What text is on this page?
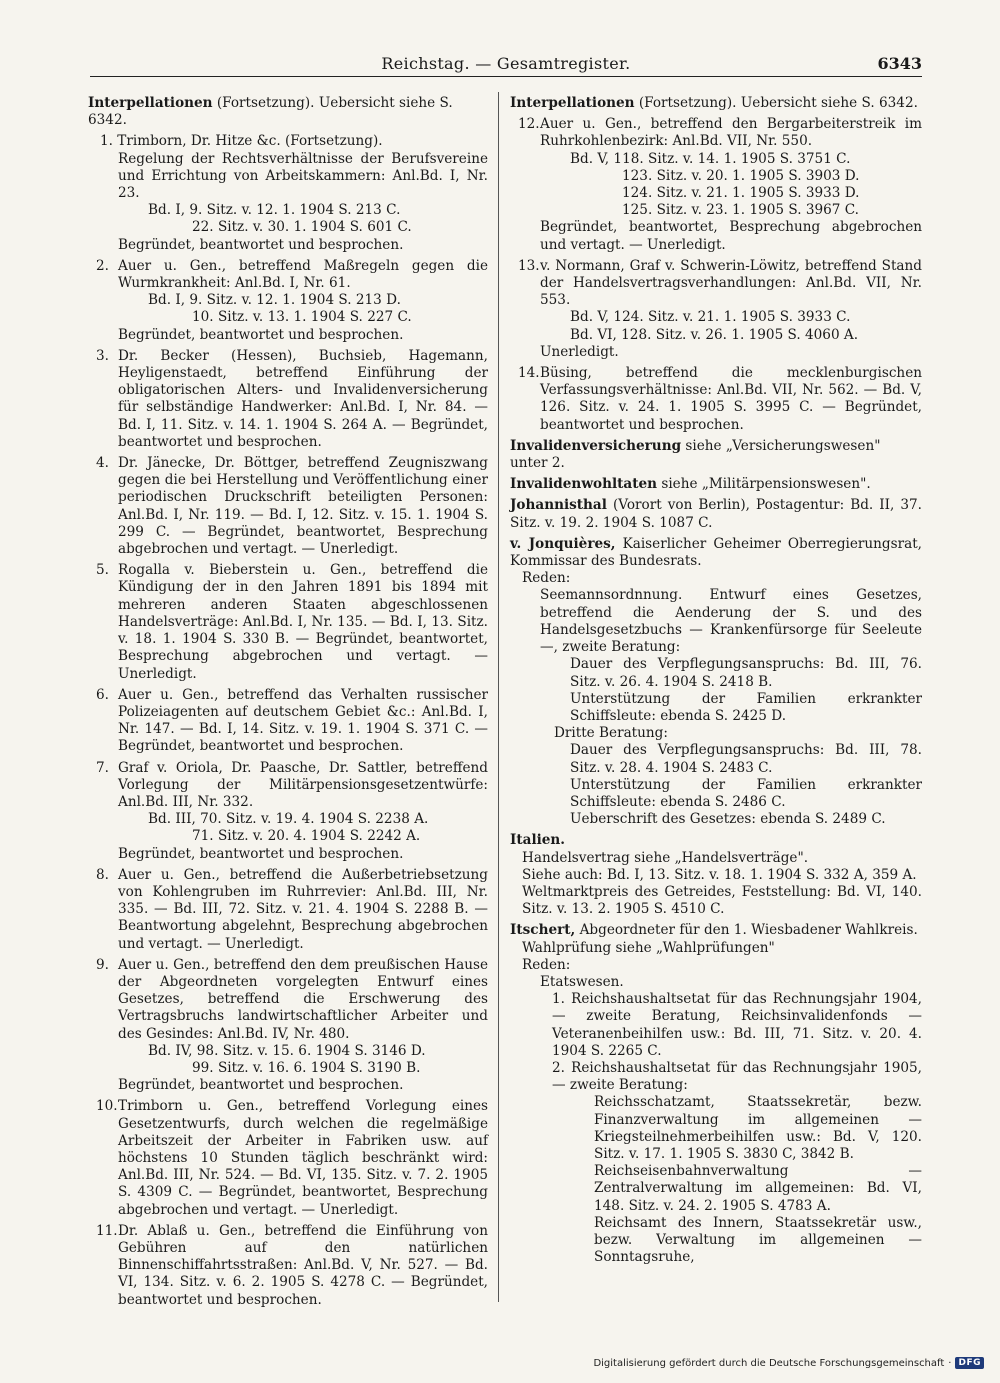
Reichstag. — Gesamtregister.	6343
Interpellationen (Fortsetzung). Uebersicht siehe S. 6342.
1. Trimborn, Dr. Hitze &c. (Fortsetzung).
Regelung der Rechtsverhältnisse der Berufsvereine und Errichtung von Arbeitskammern: Anl.Bd. I, Nr. 23.
Bd. I, 9. Sitz. v. 12. 1. 1904 S. 213 C.
22. Sitz. v. 30. 1. 1904 S. 601 C.
Begründet, beantwortet und besprochen.
2. Auer u. Gen., betreffend Maßregeln gegen die Wurmkrankheit: Anl.Bd. I, Nr. 61.
Bd. I, 9. Sitz. v. 12. 1. 1904 S. 213 D.
10. Sitz. v. 13. 1. 1904 S. 227 C.
Begründet, beantwortet und besprochen.
3. Dr. Becker (Hessen), Buchsieb, Hagemann, Heyligenstaedt, betreffend Einführung der obligatorischen Alters- und Invalidenversicherung für selbständige Handwerker: Anl.Bd. I, Nr. 84. — Bd. I, 11. Sitz. v. 14. 1. 1904 S. 264 A. — Begründet, beantwortet und besprochen.
4. Dr. Jänecke, Dr. Böttger, betreffend Zeugniszwang gegen die bei Herstellung und Veröffentlichung einer periodischen Druckschrift beteiligten Personen: Anl.Bd. I, Nr. 119. — Bd. I, 12. Sitz. v. 15. 1. 1904 S. 299 C. — Begründet, beantwortet, Besprechung abgebrochen und vertagt. — Unerledigt.
5. Rogalla v. Bieberstein u. Gen., betreffend die Kündigung der in den Jahren 1891 bis 1894 mit mehreren anderen Staaten abgeschlossenen Handelsverträge: Anl.Bd. I, Nr. 135. — Bd. I, 13. Sitz. v. 18. 1. 1904 S. 330 B. — Begründet, beantwortet, Besprechung abgebrochen und vertagt. — Unerledigt.
6. Auer u. Gen., betreffend das Verhalten russischer Polizeiagenten auf deutschem Gebiet &c.: Anl.Bd. I, Nr. 147. — Bd. I, 14. Sitz. v. 19. 1. 1904 S. 371 C. — Begründet, beantwortet und besprochen.
7. Graf v. Oriola, Dr. Paasche, Dr. Sattler, betreffend Vorlegung der Militärpensionsgesetzentwürfe: Anl.Bd. III, Nr. 332.
Bd. III, 70. Sitz. v. 19. 4. 1904 S. 2238 A.
71. Sitz. v. 20. 4. 1904 S. 2242 A.
Begründet, beantwortet und besprochen.
8. Auer u. Gen., betreffend die Außerbetriebsetzung von Kohlengruben im Ruhrrevier: Anl.Bd. III, Nr. 335. — Bd. III, 72. Sitz. v. 21. 4. 1904 S. 2288 B. — Beantwortung abgelehnt, Besprechung abgebrochen und vertagt. — Unerledigt.
9. Auer u. Gen., betreffend den dem preußischen Hause der Abgeordneten vorgelegten Entwurf eines Gesetzes, betreffend die Erschwerung des Vertragsbruchs landwirtschaftlicher Arbeiter und des Gesindes: Anl.Bd. IV, Nr. 480.
Bd. IV, 98. Sitz. v. 15. 6. 1904 S. 3146 D.
99. Sitz. v. 16. 6. 1904 S. 3190 B.
Begründet, beantwortet und besprochen.
10.Trimborn u. Gen., betreffend Vorlegung eines Gesetzentwurfs, durch welchen die regelmäßige Arbeitszeit der Arbeiter in Fabriken usw. auf höchstens 10 Stunden täglich beschränkt wird: Anl.Bd. III, Nr. 524. — Bd. VI, 135. Sitz. v. 7. 2. 1905 S. 4309 C. — Begründet, beantwortet, Besprechung abgebrochen und vertagt. — Unerledigt.
11.Dr. Ablaß u. Gen., betreffend die Einführung von Gebühren auf den natürlichen Binnenschiffahrtsstraßen: Anl.Bd. V, Nr. 527. — Bd. VI, 134. Sitz. v. 6. 2. 1905 S. 4278 C. — Begründet, beantwortet und besprochen.
Interpellationen (Fortsetzung). Uebersicht siehe S. 6342.
12.Auer u. Gen., betreffend den Bergarbeiterstreik im Ruhrkohlenbezirk: Anl.Bd. VII, Nr. 550.
Bd. V, 118. Sitz. v. 14. 1. 1905 S. 3751 C.
123. Sitz. v. 20. 1. 1905 S. 3903 D.
124. Sitz. v. 21. 1. 1905 S. 3933 D.
125. Sitz. v. 23. 1. 1905 S. 3967 C.
Begründet, beantwortet, Besprechung abgebrochen und vertagt. — Unerledigt.
13.v. Normann, Graf v. Schwerin-Löwitz, betreffend Stand der Handelsvertragsverhandlungen: Anl.Bd. VII, Nr. 553.
Bd. V, 124. Sitz. v. 21. 1. 1905 S. 3933 C.
Bd. VI, 128. Sitz. v. 26. 1. 1905 S. 4060 A.
Unerledigt.
14.Büsing, betreffend die mecklenburgischen Verfassungsverhältnisse: Anl.Bd. VII, Nr. 562. — Bd. V, 126. Sitz. v. 24. 1. 1905 S. 3995 C. — Begründet, beantwortet und besprochen.
Invalidenversicherung siehe „Versicherungswesen" unter 2.
Invalidenwohltaten siehe „Militärpensionswesen".
Johannisthal (Vorort von Berlin), Postagentur: Bd. II, 37. Sitz. v. 19. 2. 1904 S. 1087 C.
v. Jonquières, Kaiserlicher Geheimer Oberregierungsrat, Kommissar des Bundesrats.
Reden:
Seemannsordnnung. Entwurf eines Gesetzes, betreffend die Aenderung der S. und des Handelsgesetzbuchs — Krankenfürsorge für Seeleute —, zweite Beratung:
Dauer des Verpflegungsanspruchs: Bd. III, 76. Sitz. v. 26. 4. 1904 S. 2418 B.
Unterstützung der Familien erkrankter Schiffsleute: ebenda S. 2425 D.
Dritte Beratung:
Dauer des Verpflegungsanspruchs: Bd. III, 78. Sitz. v. 28. 4. 1904 S. 2483 C.
Unterstützung der Familien erkrankter Schiffsleute: ebenda S. 2486 C.
Ueberschrift des Gesetzes: ebenda S. 2489 C.
Italien.
Handelsvertrag siehe „Handelsverträge".
Siehe auch: Bd. I, 13. Sitz. v. 18. 1. 1904 S. 332 A, 359 A.
Weltmarktpreis des Getreides, Feststellung: Bd. VI, 140. Sitz. v. 13. 2. 1905 S. 4510 C.
Itschert, Abgeordneter für den 1. Wiesbadener Wahlkreis.
Wahlprüfung siehe „Wahlprüfungen"
Reden:
Etatswesen.
1. Reichshaushaltsetat für das Rechnungsjahr 1904, — zweite Beratung, Reichsinvalidenfonds — Veteranenbeihilfen usw.: Bd. III, 71. Sitz. v. 20. 4. 1904 S. 2265 C.
2. Reichshaushaltsetat für das Rechnungsjahr 1905, — zweite Beratung:
Reichsschatzamt, Staatssekretär, bezw. Finanzverwaltung im allgemeinen — Kriegsteilnehmerbeihilfen usw.: Bd. V, 120. Sitz. v. 17. 1. 1905 S. 3830 C, 3842 B.
Reichseisenbahnverwaltung — Zentralverwaltung im allgemeinen: Bd. VI, 148. Sitz. v. 24. 2. 1905 S. 4783 A.
Reichsamt des Innern, Staatssekretär usw., bezw. Verwaltung im allgemeinen — Sonntagsruhe,
Digitalisierung gefördert durch die Deutsche Forschungsgemeinschaft · DFG
